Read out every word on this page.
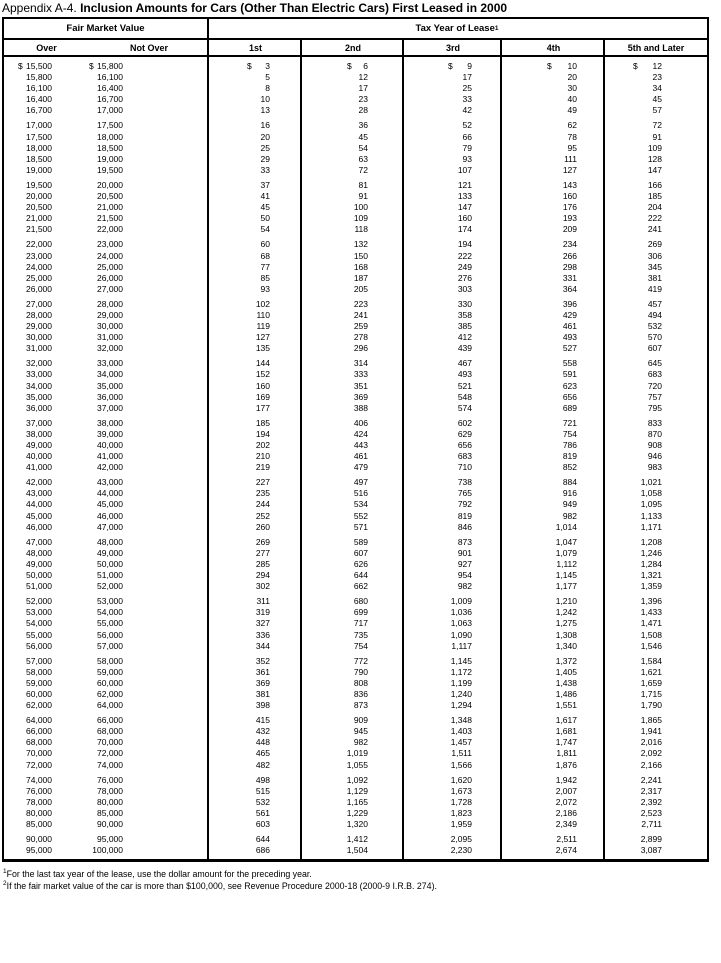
Appendix A-4. Inclusion Amounts for Cars (Other Than Electric Cars) First Leased in 2000
Fair Market Value	Tax Year of Lease 1
Over	Not Over	1st	2nd	3rd	4th	5th and Later
$ 15,500	$ 15,800	$	3	$	6	$	9	$	10	$	12
15,800	16,100	5	12	17	20	23
16,100	16,400	8	17	25	30	34
16,400	16,700	10	23	33	40	45
16,700	17,000	13	28	42	49	57
17,000	17,500	16	36	52	62	72
17,500	18,000	20	45	66	78	91
18,000	18,500	25	54	79	95	109
18,500	19,000	29	63	93	111	128
19,000	19,500	33	72	107	127	147
19,500	20,000	37	81	121	143	166
20,000	20,500	41	91	133	160	185
20,500	21,000	45	100	147	176	204
21,000	21,500	50	109	160	193	222
21,500	22,000	54	118	174	209	241
22,000	23,000	60	132	194	234	269
23,000	24,000	68	150	222	266	306
24,000	25,000	77	168	249	298	345
25,000	26,000	85	187	276	331	381
26,000	27,000	93	205	303	364	419
27,000	28,000	102	223	330	396	457
28,000	29,000	110	241	358	429	494
29,000	30,000	119	259	385	461	532
30,000	31,000	127	278	412	493	570
31,000	32,000	135	296	439	527	607
32,000	33,000	144	314	467	558	645
33,000	34,000	152	333	493	591	683
34,000	35,000	160	351	521	623	720
35,000	36,000	169	369	548	656	757
36,000	37,000	177	388	574	689	795
37,000	38,000	185	406	602	721	833
38,000	39,000	194	424	629	754	870
49,000	40,000	202	443	656	786	908
40,000	41,000	210	461	683	819	946
41,000	42,000	219	479	710	852	983
42,000	43,000	227	497	738	884	1,021
43,000	44,000	235	516	765	916	1,058
44,000	45,000	244	534	792	949	1,095
45,000	46,000	252	552	819	982	1,133
46,000	47,000	260	571	846	1,014	1,171
47,000	48,000	269	589	873	1,047	1,208
48,000	49,000	277	607	901	1,079	1,246
49,000	50,000	285	626	927	1,112	1,284
50,000	51,000	294	644	954	1,145	1,321
51,000	52,000	302	662	982	1,177	1,359
52,000	53,000	311	680	1,009	1,210	1,396
53,000	54,000	319	699	1,036	1,242	1,433
54,000	55,000	327	717	1,063	1,275	1,471
55,000	56,000	336	735	1,090	1,308	1,508
56,000	57,000	344	754	1,117	1,340	1,546
57,000	58,000	352	772	1,145	1,372	1,584
58,000	59,000	361	790	1,172	1,405	1,621
59,000	60,000	369	808	1,199	1,438	1,659
60,000	62,000	381	836	1,240	1,486	1,715
62,000	64,000	398	873	1,294	1,551	1,790
64,000	66,000	415	909	1,348	1,617	1,865
66,000	68,000	432	945	1,403	1,681	1,941
68,000	70,000	448	982	1,457	1,747	2,016
70,000	72,000	465	1,019	1,511	1,811	2,092
72,000	74,000	482	1,055	1,566	1,876	2,166
74,000	76,000	498	1,092	1,620	1,942	2,241
76,000	78,000	515	1,129	1,673	2,007	2,317
78,000	80,000	532	1,165	1,728	2,072	2,392
80,000	85,000	561	1,229	1,823	2,186	2,523
85,000	90,000	603	1,320	1,959	2,349	2,711
90,000	95,000	644	1,412	2,095	2,511	2,899
95,000	100,000	686	1,504	2,230	2,674	3,087
$^1$For the last tax year of the lease, use the dollar amount for the preceding year.
$^2$If the fair market value of the car is more than $100,000, see Revenue Procedure 2000-18 (2000-9 I.R.B. 274).
